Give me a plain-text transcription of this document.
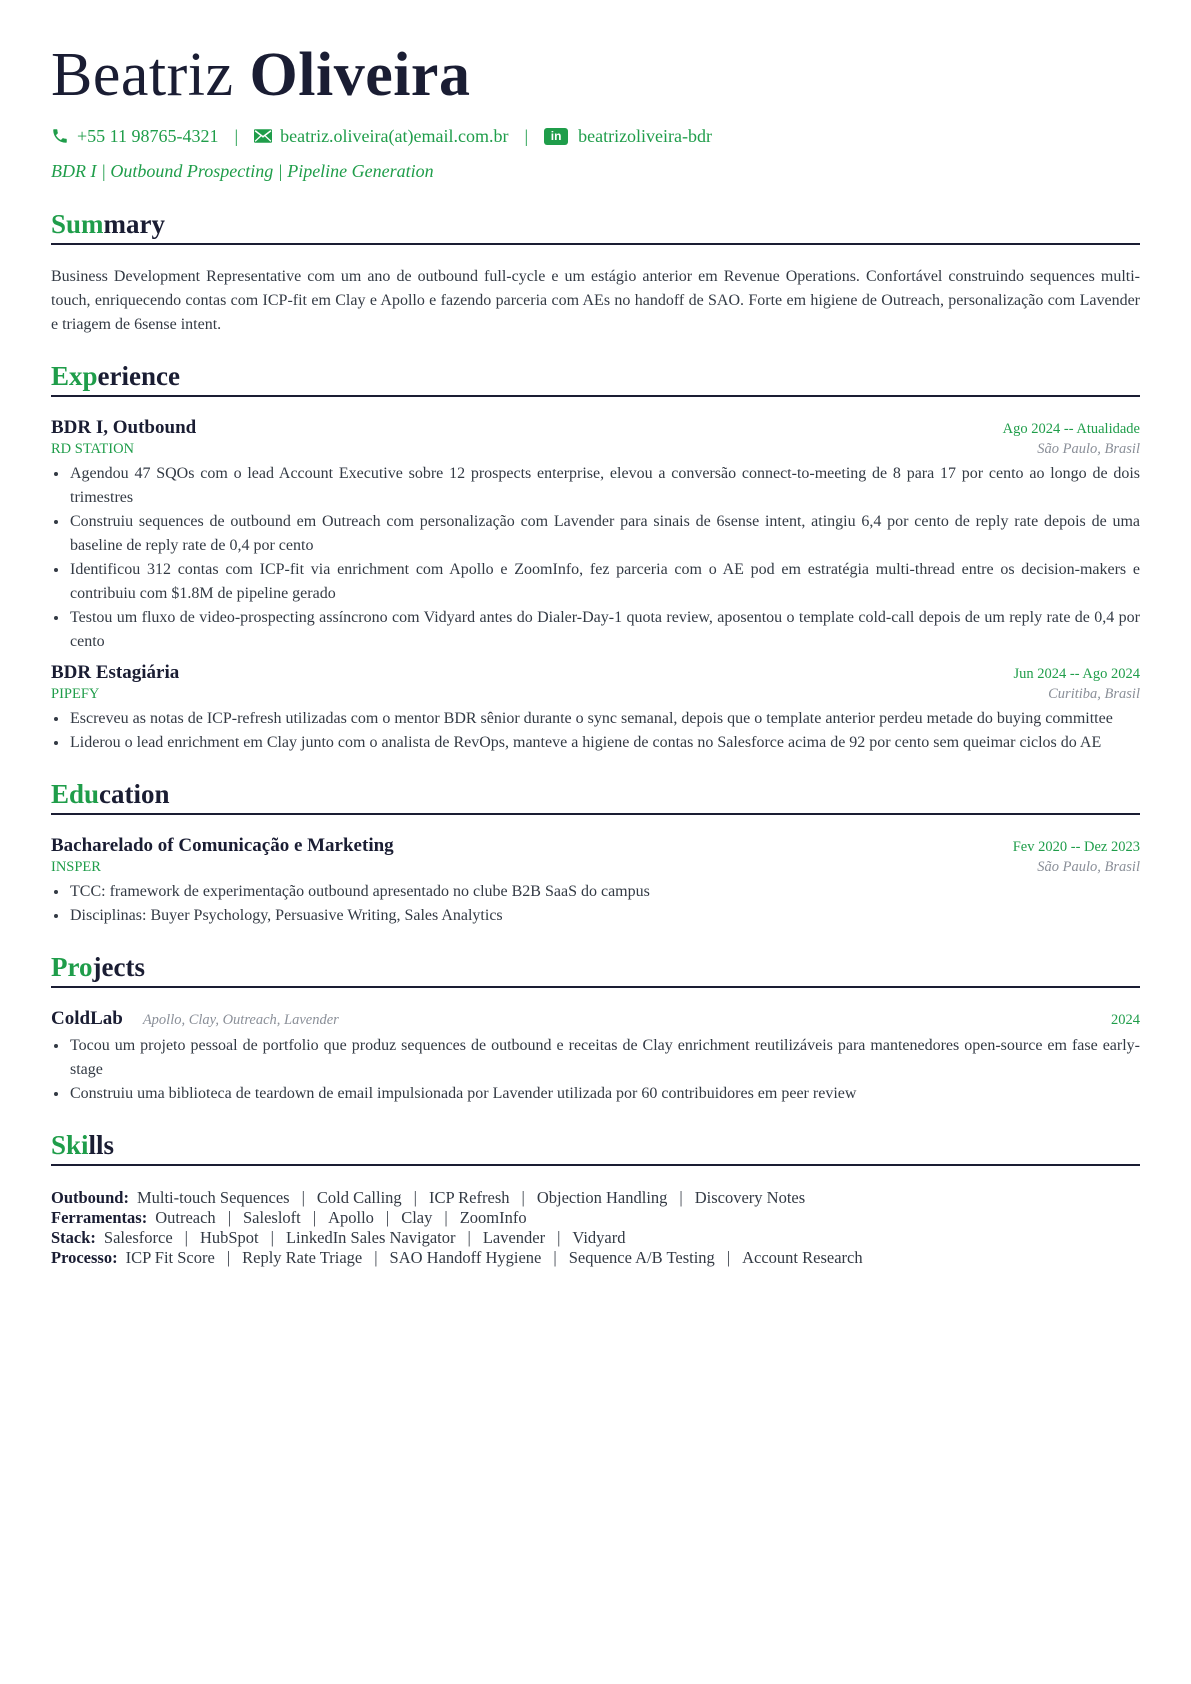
Beatriz Oliveira
+55 11 98765-4321 | beatriz.oliveira(at)email.com.br |	in beatrizoliveira-bdr
BDR I | Outbound Prospecting | Pipeline Generation
Summary
Business Development Representative com um ano de outbound full-cycle e um estágio anterior em Revenue Operations. Confortável construindo sequences multi-touch, enriquecendo contas com ICP-fit em Clay e Apollo e fazendo parceria com AEs no handoff de SAO. Forte em higiene de Outreach, personalização com Lavender e triagem de 6sense intent.
Experience
BDR I, Outbound	Ago 2024 -- Atualidade
RD STATION	São Paulo, Brasil
• Agendou 47 SQOs com o lead Account Executive sobre 12 prospects enterprise, elevou a conversão connect-to-meeting de 8 para 17 por cento ao longo de dois trimestres
• Construiu sequences de outbound em Outreach com personalização com Lavender para sinais de 6sense intent, atingiu 6,4 por cento de reply rate depois de uma baseline de reply rate de 0,4 por cento
• Identificou 312 contas com ICP-fit via enrichment com Apollo e ZoomInfo, fez parceria com o AE pod em estratégia multi-thread entre os decision-makers e contribuiu com $1.8M de pipeline gerado
• Testou um fluxo de video-prospecting assíncrono com Vidyard antes do Dialer-Day-1 quota review, aposentou o template cold-call depois de um reply rate de 0,4 por cento
BDR Estagiária	Jun 2024 -- Ago 2024
PIPEFY	Curitiba, Brasil
• Escreveu as notas de ICP-refresh utilizadas com o mentor BDR sênior durante o sync semanal, depois que o template anterior perdeu metade do buying committee
• Liderou o lead enrichment em Clay junto com o analista de RevOps, manteve a higiene de contas no Salesforce acima de 92 por cento sem queimar ciclos do AE
Education
Bacharelado of Comunicação e Marketing	Fev 2020 -- Dez 2023
INSPER	São Paulo, Brasil
• TCC: framework de experimentação outbound apresentado no clube B2B SaaS do campus
• Disciplinas: Buyer Psychology, Persuasive Writing, Sales Analytics
Projects
ColdLab Apollo, Clay, Outreach, Lavender	2024
• Tocou um projeto pessoal de portfolio que produz sequences de outbound e receitas de Clay enrichment reutilizáveis para mantenedores open-source em fase early-stage
• Construiu uma biblioteca de teardown de email impulsionada por Lavender utilizada por 60 contribuidores em peer review
Skills
Outbound: Multi-touch Sequences | Cold Calling | ICP Refresh | Objection Handling | Discovery Notes
Ferramentas: Outreach | Salesloft | Apollo | Clay | ZoomInfo
Stack: Salesforce | HubSpot | LinkedIn Sales Navigator | Lavender | Vidyard
Processo: ICP Fit Score | Reply Rate Triage | SAO Handoff Hygiene | Sequence A/B Testing | Account Research
